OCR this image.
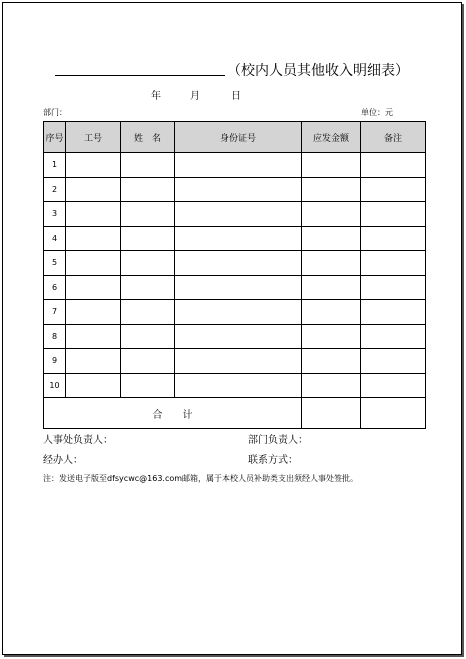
（校内人员其他收入明细表）
年	月	日
部门：	单位：元
序号	工号	姓　名	身份证号	应发金额	备注
1					
2					
3					
4					
5					
6					
7					
8					
9					
10					
合　　计					
人事处负责人：	部门负责人：
经办人：	联系方式：
注：发送电子版至dfsycwc@163.com邮箱，属于本校人员补助类支出须经人事处签批。
